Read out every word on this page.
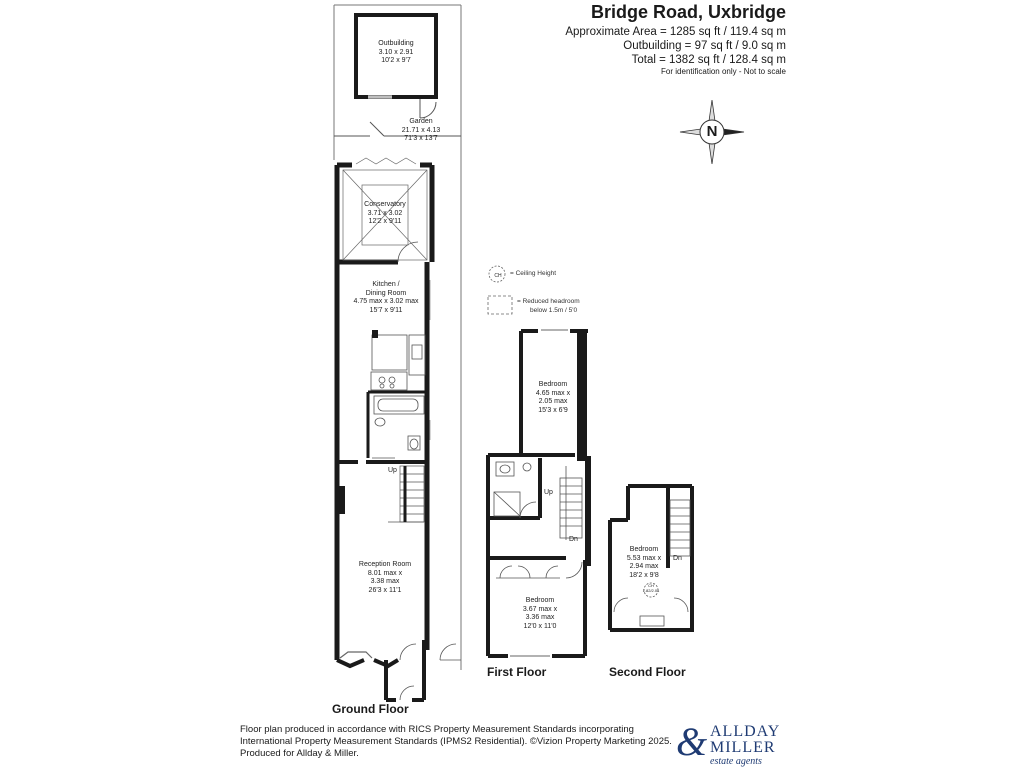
Bridge Road, Uxbridge
Approximate Area = 1285 sq ft / 119.4 sq m
Outbuilding = 97 sq ft / 9.0 sq m
Total = 1382 sq ft / 128.4 sq m
For identification only - Not to scale
Outbuilding
3.10 x 2.91
10'2 x 9'7
Garden
21.71 x 4.13
71'3 x 13'7
Conservatory
3.71 x 3.02
12'2 x 9'11
Kitchen /
Dining Room
4.75 max x 3.02 max
15'7 x 9'11
Reception Room
8.01 max x
3.38 max
26'3 x 11'1
Up
CH	= Ceiling Height
= Reduced headroom
below 1.5m / 5'0
Bedroom
4.65 max x
2.05 max
15'3 x 6'9
Bedroom
3.67 max x
3.36 max
12'0 x 11'0
Up
Dn
Bedroom
5.53 max x
2.94 max
18'2 x 9'8
CH
1.82/2.01
Dn
N
Ground Floor
First Floor	Second Floor
Floor plan produced in accordance with RICS Property Measurement Standards incorporating
International Property Measurement Standards (IPMS2 Residential). ©Vizion Property Marketing 2025.
Produced for Allday & Miller.	& ALLDAY
MILLER
estate agents
